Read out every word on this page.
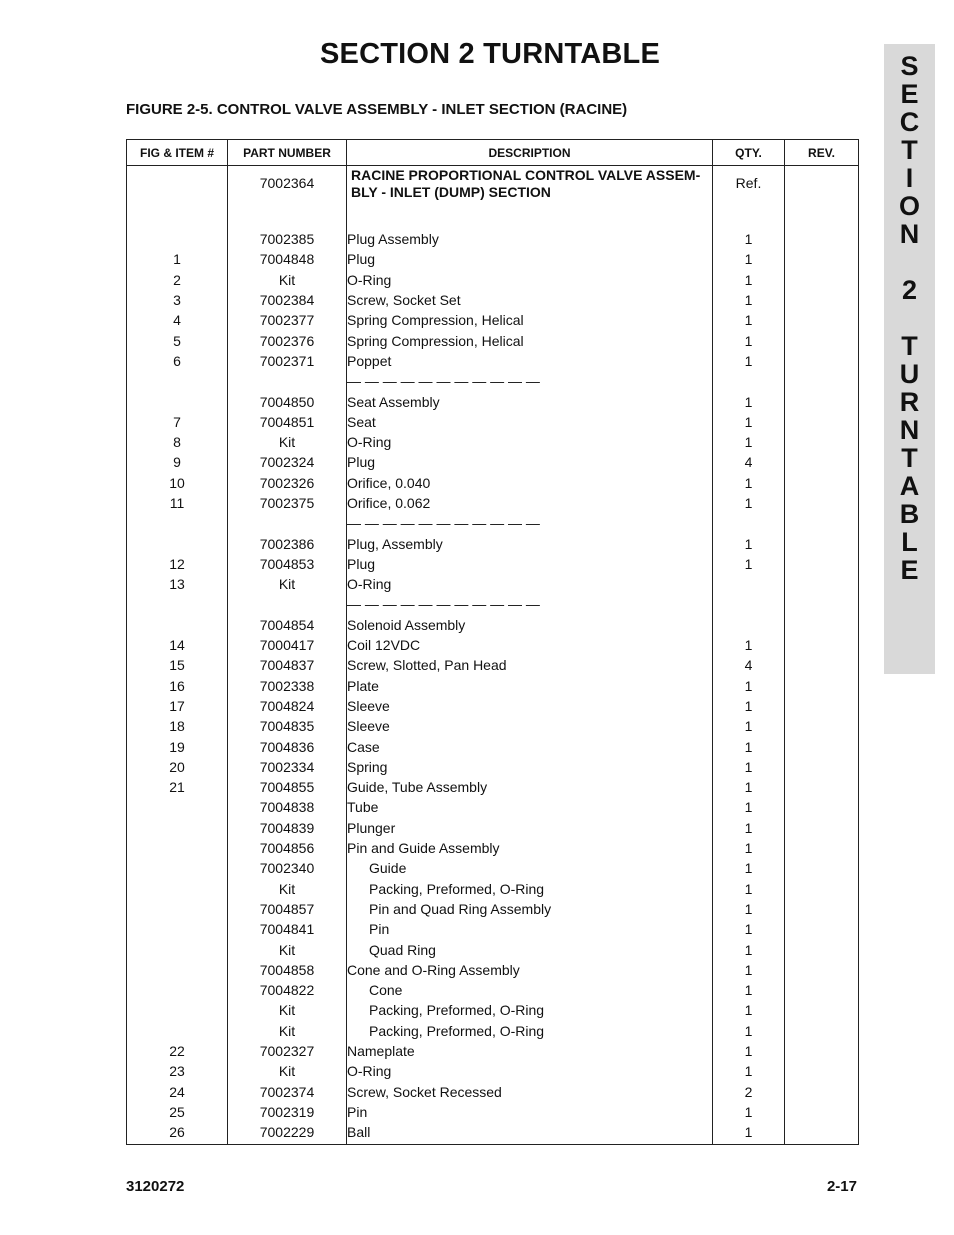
SECTION 2 TURNTABLE
FIGURE 2-5. CONTROL VALVE ASSEMBLY - INLET SECTION (RACINE)
S
E
C
T
I
O
N
2
T
U
R
N
T
A
B
L
E
FIG & ITEM #	PART NUMBER	DESCRIPTION	QTY.	REV.
	7002364	RACINE PROPORTIONAL CONTROL VALVE ASSEM-BLY - INLET (DUMP) SECTION	Ref.	

	7002385	Plug Assembly	1	
1	7004848	Plug	1	
2	Kit	O-Ring	1	
3	7002384	Screw, Socket Set	1	
4	7002377	Spring Compression, Helical	1	
5	7002376	Spring Compression, Helical	1	
6	7002371	Poppet	1	
		— — — — — — — — — — —		
	7004850	Seat Assembly	1	
7	7004851	Seat	1	
8	Kit	O-Ring	1	
9	7002324	Plug	4	
10	7002326	Orifice, 0.040	1	
11	7002375	Orifice, 0.062	1	
		— — — — — — — — — — —		
	7002386	Plug, Assembly	1	
12	7004853	Plug	1	
13	Kit	O-Ring		
		— — — — — — — — — — —		
	7004854	Solenoid Assembly		
14	7000417	Coil 12VDC	1	
15	7004837	Screw, Slotted, Pan Head	4	
16	7002338	Plate	1	
17	7004824	Sleeve	1	
18	7004835	Sleeve	1	
19	7004836	Case	1	
20	7002334	Spring	1	
21	7004855	Guide, Tube Assembly	1	
	7004838	Tube	1	
	7004839	Plunger	1	
	7004856	Pin and Guide Assembly	1	
	7002340	Guide	1	
	Kit	Packing, Preformed, O-Ring	1	
	7004857	Pin and Quad Ring Assembly	1	
	7004841	Pin	1	
	Kit	Quad Ring	1	
	7004858	Cone and O-Ring Assembly	1	
	7004822	Cone	1	
	Kit	Packing, Preformed, O-Ring	1	
	Kit	Packing, Preformed, O-Ring	1	
22	7002327	Nameplate	1	
23	Kit	O-Ring	1	
24	7002374	Screw, Socket Recessed	2	
25	7002319	Pin	1	
26	7002229	Ball	1	
3120272	2-17
